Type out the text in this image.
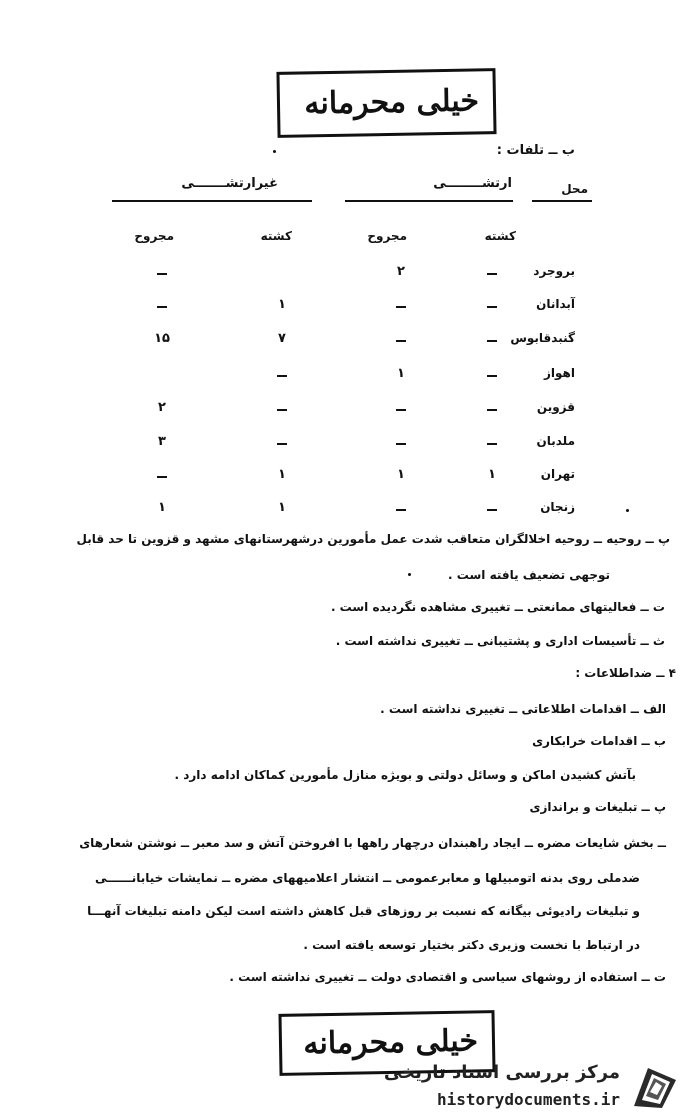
خیلی محرمانه
ب ــ تلفات :
محل
ارتشــــــــی
غیرارتشـــــــی
کشته
مجروح
کشته
مجروح
بروجرد
۲
آبدانان
۱
گنبدقابوس
۷
۱۵
اهواز
۱
قزوین
۲
ملدبان
۳
تهران
۱
۱
۱
زنجان
۱
۱
پ ــ روحیه ــ روحیه اخلالگران متعاقب شدت عمل مأمورین درشهرستانهای مشهد و قزوین تا حد قابل
توجهی تضعیف یافته است .
ت ــ فعالیتهای ممانعتی ــ تغییری مشاهده نگردیده است .
ث ــ تأسیسات اداری و پشتیبانی ــ تغییری نداشته است .
۴ ــ ضداطلاعات :
الف ــ اقدامات اطلاعاتی ــ تغییری نداشته است .
ب ــ اقدامات خرابکاری
بآتش کشیدن اماکن و وسائل دولتی و بویژه منازل مأمورین کماکان ادامه دارد .
پ ــ تبلیغات و براندازی
ــ بخش شایعات مضره ــ ایجاد راهبندان درچهار راهها با افروختن آتش و سد معبر ــ نوشتن شعارهای
ضدملی روی بدنه اتومبیلها و معابرعمومی ــ انتشار اعلامیههای مضره ــ نمایشات خیابانــــــی
و تبلیغات رادیوئی بیگانه که نسبت بر روزهای قبل کاهش داشته است لیکن دامنه تبلیغات آنهـــا
در ارتباط با نخست وزیری دکتر بختیار توسعه یافته است .
ت ــ استفاده از روشهای سیاسی و اقتصادی دولت ــ تغییری نداشته است .
خیلی محرمانه
مرکز بررسی اسناد تاریخی
historydocuments.ir
